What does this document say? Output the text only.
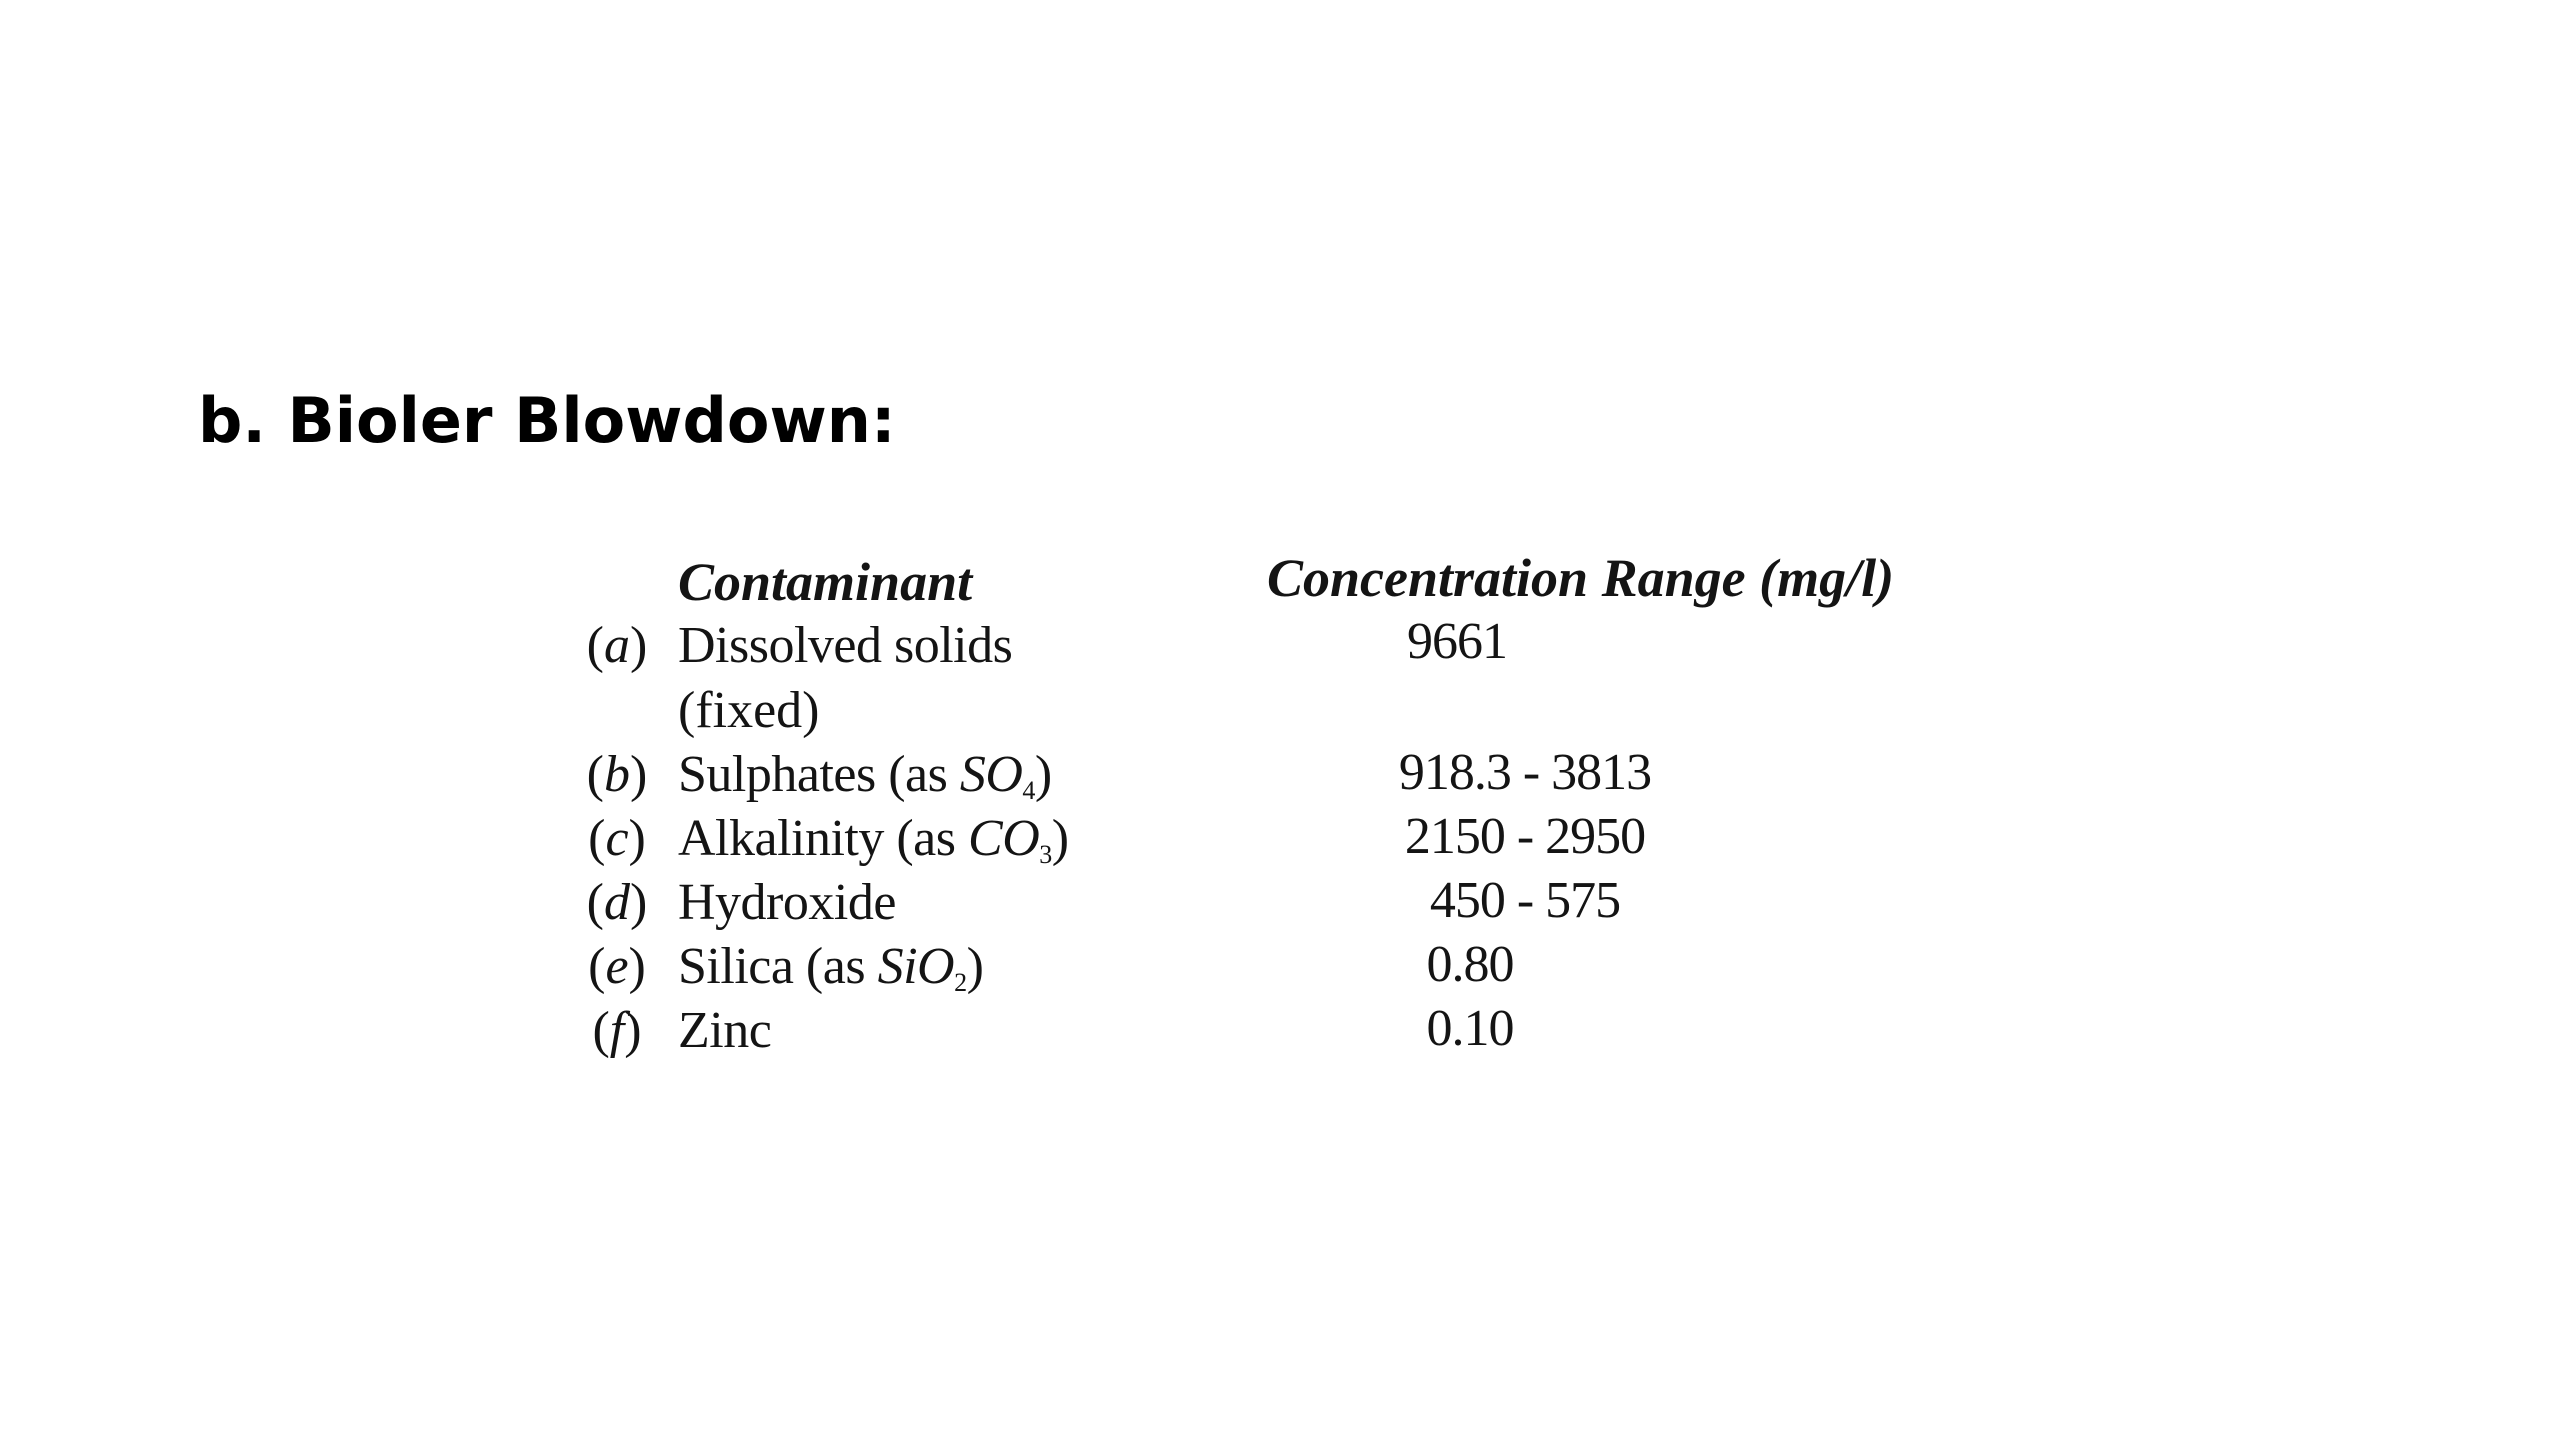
b. Bioler Blowdown:
Contaminant	Concentration Range (mg/l)
(a) Dissolved solids	9661
(fixed)
(b) Sulphates (as $SO_4$)	918.3 - 3813
(c) Alkalinity (as $CO_3$)	2150 - 2950
(d) Hydroxide	450 - 575
(e) Silica (as SiO$_2$)	0.80
(f) Zinc	0.10
